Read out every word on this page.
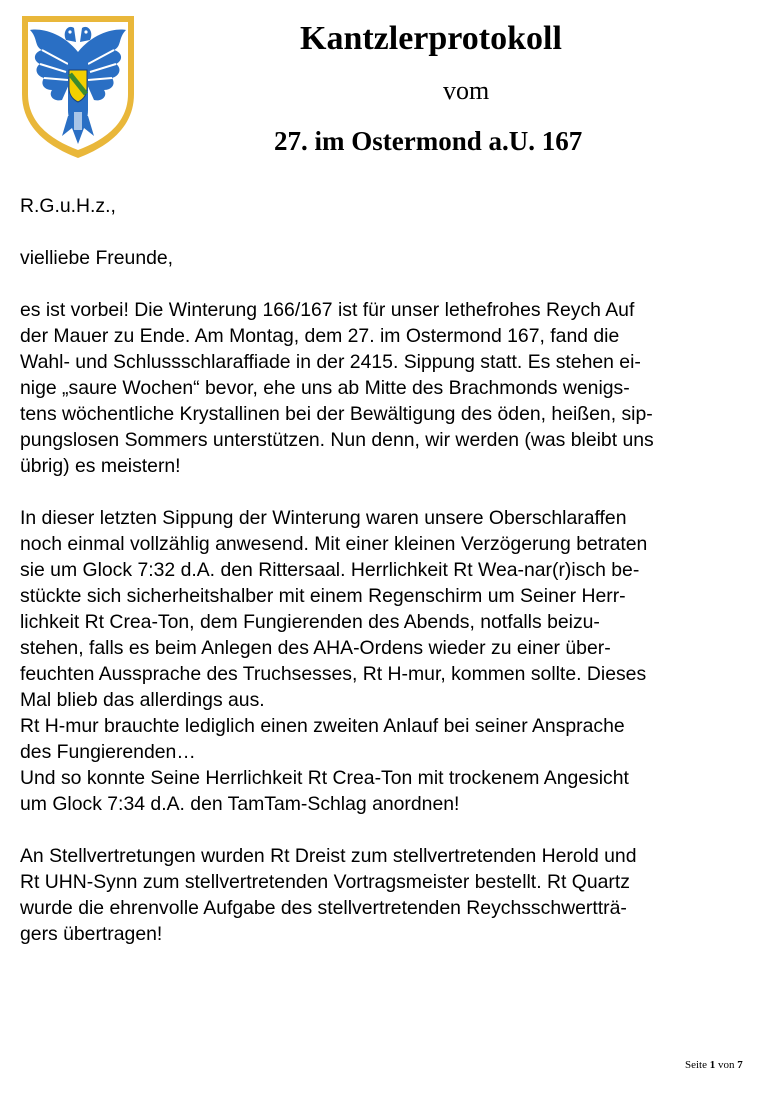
Kantzlerprotokoll
vom
27. im Ostermond a.U. 167

R.G.u.H.z.,

vielliebe Freunde,

es ist vorbei! Die Winterung 166/167 ist für unser lethefrohes Reych Auf
der Mauer zu Ende. Am Montag, dem 27. im Ostermond 167, fand die
Wahl- und Schlussschlaraffiade in der 2415. Sippung statt. Es stehen ei-
nige „saure Wochen“ bevor, ehe uns ab Mitte des Brachmonds wenigs-
tens wöchentliche Krystallinen bei der Bewältigung des öden, heißen, sip-
pungslosen Sommers unterstützen. Nun denn, wir werden (was bleibt uns
übrig) es meistern!

In dieser letzten Sippung der Winterung waren unsere Oberschlaraffen
noch einmal vollzählig anwesend. Mit einer kleinen Verzögerung betraten
sie um Glock 7:32 d.A. den Rittersaal. Herrlichkeit Rt Wea-nar(r)isch be-
stückte sich sicherheitshalber mit einem Regenschirm um Seiner Herr-
lichkeit Rt Crea-Ton, dem Fungierenden des Abends, notfalls beizu-
stehen, falls es beim Anlegen des AHA-Ordens wieder zu einer über-
feuchten Aussprache des Truchsesses, Rt H-mur, kommen sollte. Dieses
Mal blieb das allerdings aus.
Rt H-mur brauchte lediglich einen zweiten Anlauf bei seiner Ansprache
des Fungierenden…
Und so konnte Seine Herrlichkeit Rt Crea-Ton mit trockenem Angesicht
um Glock 7:34 d.A. den TamTam-Schlag anordnen!

An Stellvertretungen wurden Rt Dreist zum stellvertretenden Herold und
Rt UHN-Synn zum stellvertretenden Vortragsmeister bestellt. Rt Quartz
wurde die ehrenvolle Aufgabe des stellvertretenden Reychsschwertträ-
gers übertragen!

Seite 1 von 7
